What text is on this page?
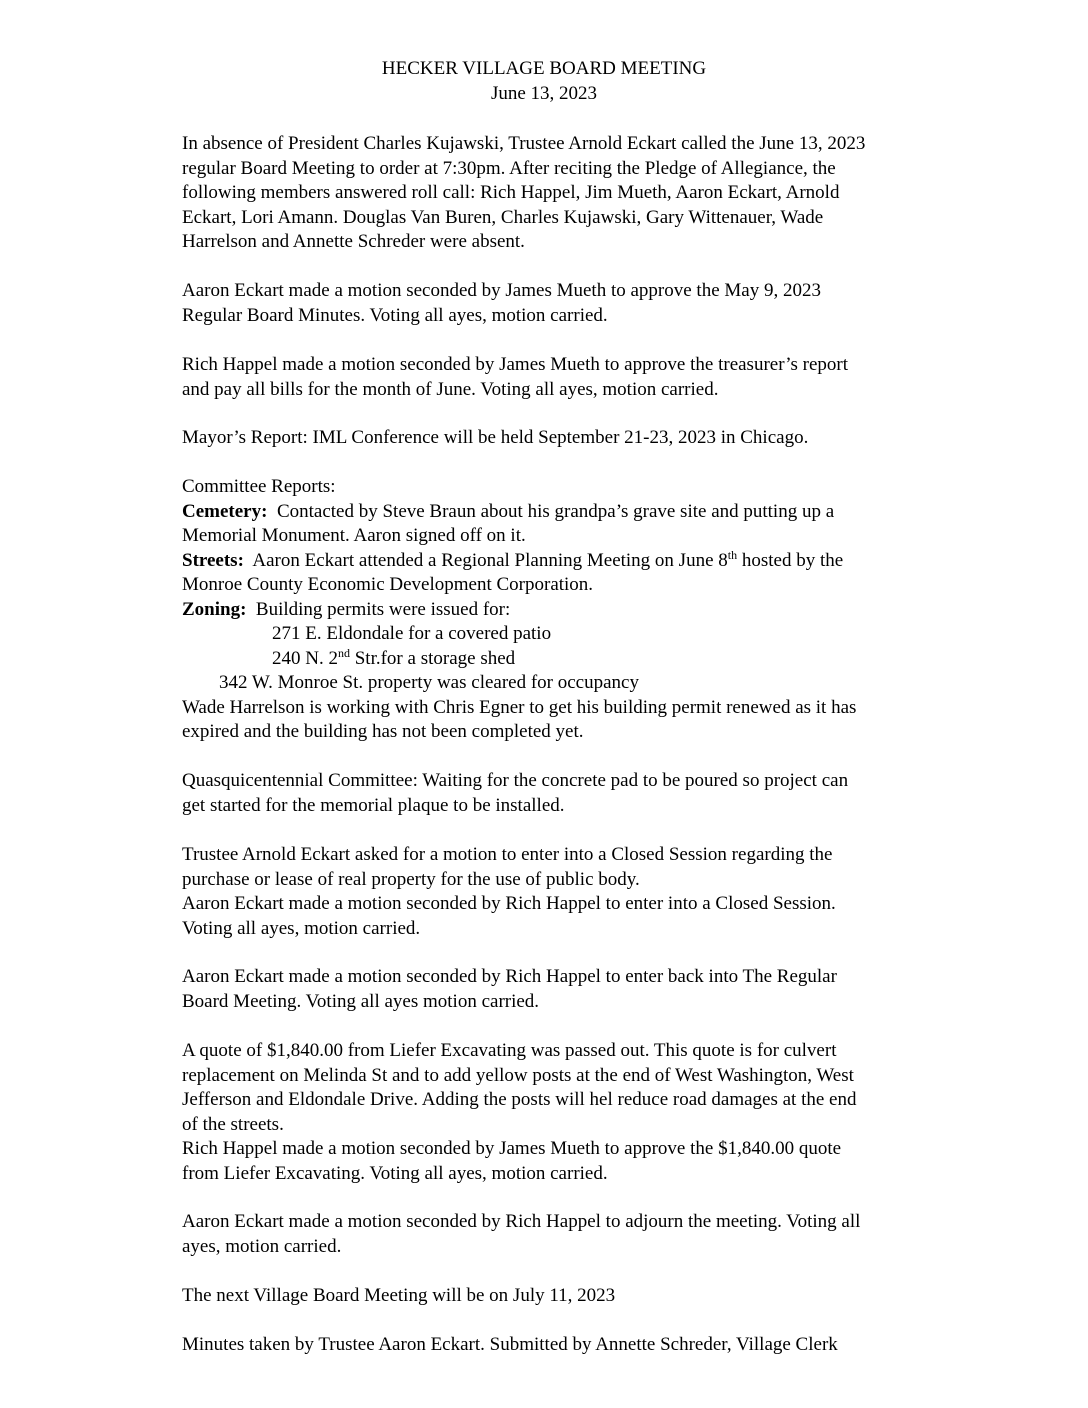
HECKER VILLAGE BOARD MEETING
June 13, 2023
In absence of President Charles Kujawski, Trustee Arnold Eckart called the June 13, 2023
regular Board Meeting to order at 7:30pm. After reciting the Pledge of Allegiance, the
following members answered roll call: Rich Happel, Jim Mueth, Aaron Eckart, Arnold
Eckart, Lori Amann. Douglas Van Buren, Charles Kujawski, Gary Wittenauer, Wade
Harrelson and Annette Schreder were absent.
Aaron Eckart made a motion seconded by James Mueth to approve the May 9, 2023
Regular Board Minutes. Voting all ayes, motion carried.
Rich Happel made a motion seconded by James Mueth to approve the treasurer’s report
and pay all bills for the month of June. Voting all ayes, motion carried.
Mayor’s Report: IML Conference will be held September 21-23, 2023 in Chicago.
Committee Reports:
Cemetery:  Contacted by Steve Braun about his grandpa’s grave site and putting up a
Memorial Monument. Aaron signed off on it.
Streets:  Aaron Eckart attended a Regional Planning Meeting on June 8th hosted by the
Monroe County Economic Development Corporation.
Zoning:  Building permits were issued for:
271 E. Eldondale for a covered patio
240 N. 2nd Str.for a storage shed
342 W. Monroe St. property was cleared for occupancy
Wade Harrelson is working with Chris Egner to get his building permit renewed as it has
expired and the building has not been completed yet.
Quasquicentennial Committee: Waiting for the concrete pad to be poured so project can
get started for the memorial plaque to be installed.
Trustee Arnold Eckart asked for a motion to enter into a Closed Session regarding the
purchase or lease of real property for the use of public body.
Aaron Eckart made a motion seconded by Rich Happel to enter into a Closed Session.
Voting all ayes, motion carried.
Aaron Eckart made a motion seconded by Rich Happel to enter back into The Regular
Board Meeting. Voting all ayes motion carried.
A quote of $1,840.00 from Liefer Excavating was passed out. This quote is for culvert
replacement on Melinda St and to add yellow posts at the end of West Washington, West
Jefferson and Eldondale Drive. Adding the posts will hel reduce road damages at the end
of the streets.
Rich Happel made a motion seconded by James Mueth to approve the $1,840.00 quote
from Liefer Excavating. Voting all ayes, motion carried.
Aaron Eckart made a motion seconded by Rich Happel to adjourn the meeting. Voting all
ayes, motion carried.
The next Village Board Meeting will be on July 11, 2023
Minutes taken by Trustee Aaron Eckart. Submitted by Annette Schreder, Village Clerk
